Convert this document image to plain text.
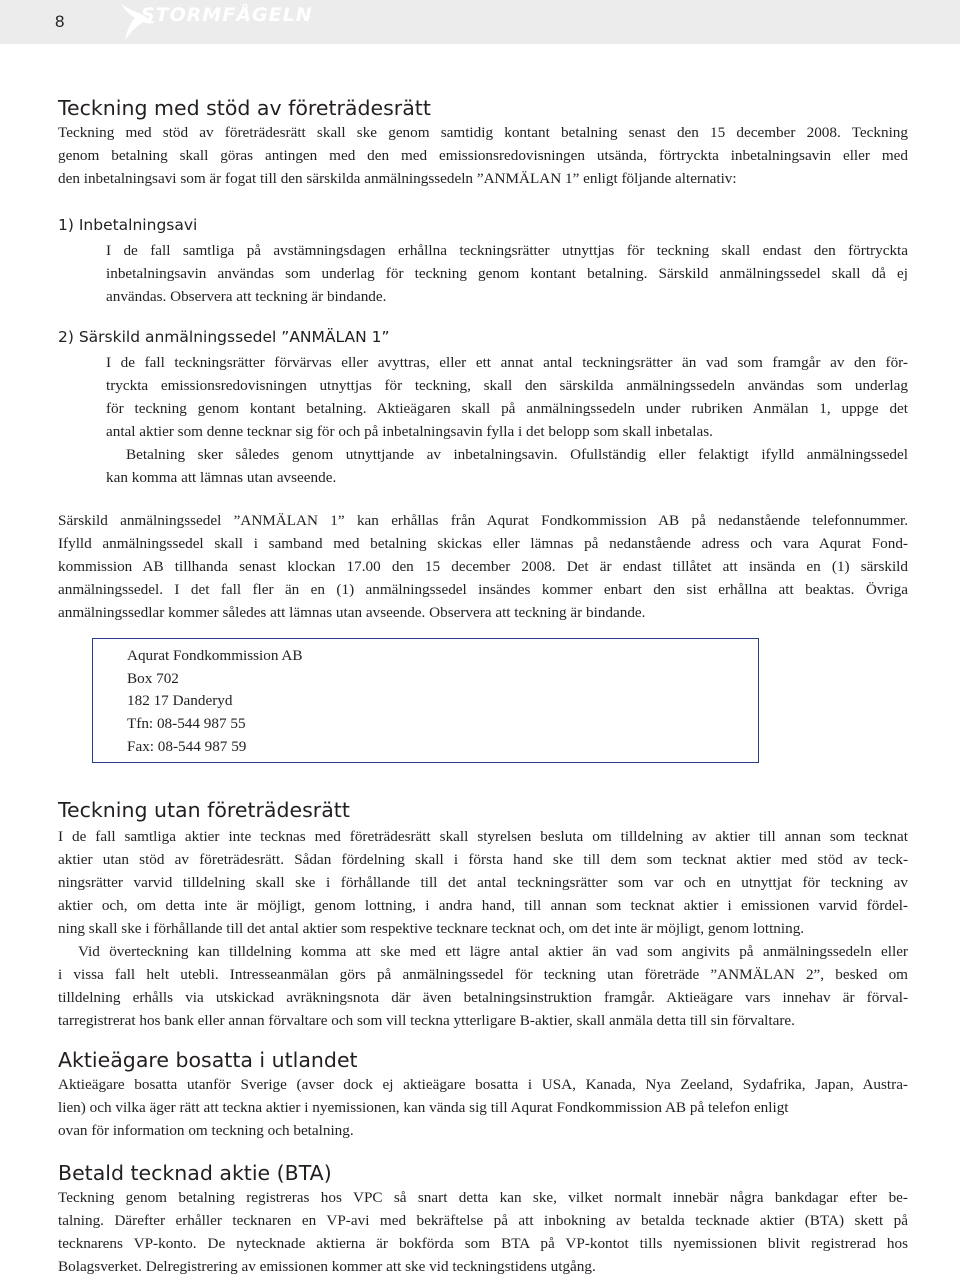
8	STORMFÅGELN
Teckning med stöd av företrädesrätt
Teckning med stöd av företrädesrätt skall ske genom samtidig kontant betalning senast den 15 december 2008. Teckning
genom betalning skall göras antingen med den med emissionsredovisningen utsända, förtryckta inbetalningsavin eller med
den inbetalningsavi som är fogat till den särskilda anmälningssedeln ”ANMÄLAN 1” enligt följande alternativ:
1) Inbetalningsavi
I de fall samtliga på avstämningsdagen erhållna teckningsrätter utnyttjas för teckning skall endast den förtryckta
inbetalningsavin användas som underlag för teckning genom kontant betalning. Särskild anmälningssedel skall då ej
användas. Observera att teckning är bindande.
2) Särskild anmälningssedel ”ANMÄLAN 1”
I de fall teckningsrätter förvärvas eller avyttras, eller ett annat antal teckningsrätter än vad som framgår av den för-
tryckta emissionsredovisningen utnyttjas för teckning, skall den särskilda anmälningssedeln användas som underlag
för teckning genom kontant betalning. Aktieägaren skall på anmälningssedeln under rubriken Anmälan 1, uppge det
antal aktier som denne tecknar sig för och på inbetalningsavin fylla i det belopp som skall inbetalas.
Betalning sker således genom utnyttjande av inbetalningsavin. Ofullständig eller felaktigt ifylld anmälningssedel
kan komma att lämnas utan avseende.
Särskild anmälningssedel ”ANMÄLAN 1” kan erhållas från Aqurat Fondkommission AB på nedanstående telefonnummer.
Ifylld anmälningssedel skall i samband med betalning skickas eller lämnas på nedanstående adress och vara Aqurat Fond-
kommission AB tillhanda senast klockan 17.00 den 15 december 2008. Det är endast tillåtet att insända en (1) särskild
anmälningssedel. I det fall fler än en (1) anmälningssedel insändes kommer enbart den sist erhållna att beaktas. Övriga
anmälningssedlar kommer således att lämnas utan avseende. Observera att teckning är bindande.
Aqurat Fondkommission AB
Box 702
182 17 Danderyd
Tfn: 08-544 987 55
Fax: 08-544 987 59
Teckning utan företrädesrätt
I de fall samtliga aktier inte tecknas med företrädesrätt skall styrelsen besluta om tilldelning av aktier till annan som tecknat
aktier utan stöd av företrädesrätt. Sådan fördelning skall i första hand ske till dem som tecknat aktier med stöd av teck-
ningsrätter varvid tilldelning skall ske i förhållande till det antal teckningsrätter som var och en utnyttjat för teckning av
aktier och, om detta inte är möjligt, genom lottning, i andra hand, till annan som tecknat aktier i emissionen varvid fördel-
ning skall ske i förhållande till det antal aktier som respektive tecknare tecknat och, om det inte är möjligt, genom lottning.
Vid överteckning kan tilldelning komma att ske med ett lägre antal aktier än vad som angivits på anmälningssedeln eller
i vissa fall helt utebli. Intresseanmälan görs på anmälningssedel för teckning utan företräde ”ANMÄLAN 2”, besked om
tilldelning erhålls via utskickad avräkningsnota där även betalningsinstruktion framgår. Aktieägare vars innehav är förval-
tarregistrerat hos bank eller annan förvaltare och som vill teckna ytterligare B-aktier, skall anmäla detta till sin förvaltare.
Aktieägare bosatta i utlandet
Aktieägare bosatta utanför Sverige (avser dock ej aktieägare bosatta i USA, Kanada, Nya Zeeland, Sydafrika, Japan, Austra-
lien) och vilka äger rätt att teckna aktier i nyemissionen, kan vända sig till Aqurat Fondkommission AB på telefon enligt
ovan för information om teckning och betalning.
Betald tecknad aktie (BTA)
Teckning genom betalning registreras hos VPC så snart detta kan ske, vilket normalt innebär några bankdagar efter be-
talning. Därefter erhåller tecknaren en VP-avi med bekräftelse på att inbokning av betalda tecknade aktier (BTA) skett på
tecknarens VP-konto. De nytecknade aktierna är bokförda som BTA på VP-kontot tills nyemissionen blivit registrerad hos
Bolagsverket. Delregistrering av emissionen kommer att ske vid teckningstidens utgång.
